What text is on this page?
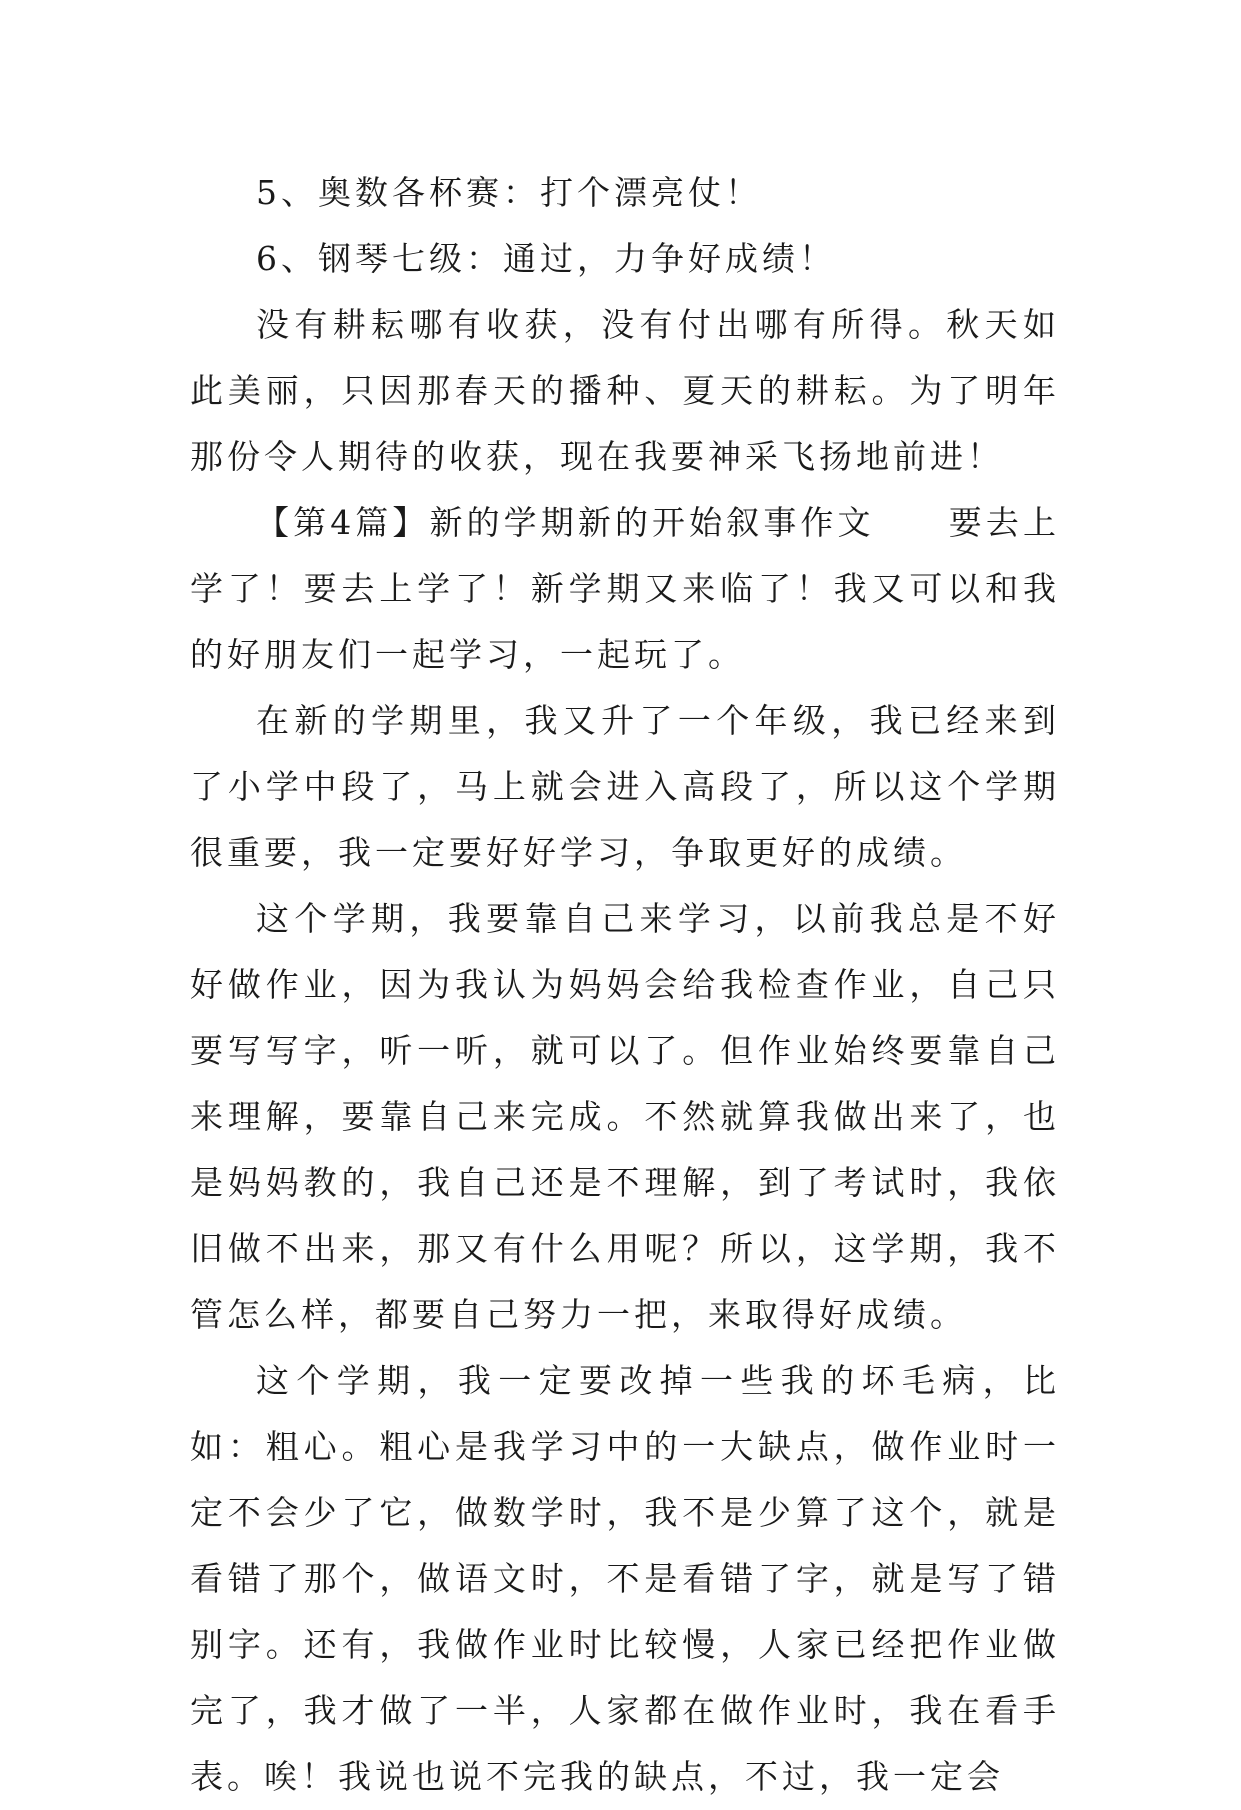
5、奥数各杯赛：打个漂亮仗！

6、钢琴七级：通过，力争好成绩！

没有耕耘哪有收获，没有付出哪有所得。秋天如此美丽，只因那春天的播种、夏天的耕耘。为了明年那份令人期待的收获，现在我要神采飞扬地前进！

【第4篇】新的学期新的开始叙事作文　　要去上学了！要去上学了！新学期又来临了！我又可以和我的好朋友们一起学习，一起玩了。

在新的学期里，我又升了一个年级，我已经来到了小学中段了，马上就会进入高段了，所以这个学期很重要，我一定要好好学习，争取更好的成绩。

这个学期，我要靠自己来学习，以前我总是不好好做作业，因为我认为妈妈会给我检查作业，自己只要写写字，听一听，就可以了。但作业始终要靠自己来理解，要靠自己来完成。不然就算我做出来了，也是妈妈教的，我自己还是不理解，到了考试时，我依旧做不出来，那又有什么用呢？所以，这学期，我不管怎么样，都要自己努力一把，来取得好成绩。

这个学期，我一定要改掉一些我的坏毛病，比如：粗心。粗心是我学习中的一大缺点，做作业时一定不会少了它，做数学时，我不是少算了这个，就是看错了那个，做语文时，不是看错了字，就是写了错别字。还有，我做作业时比较慢，人家已经把作业做完了，我才做了一半，人家都在做作业时，我在看手表。唉！我说也说不完我的缺点，不过，我一定会
